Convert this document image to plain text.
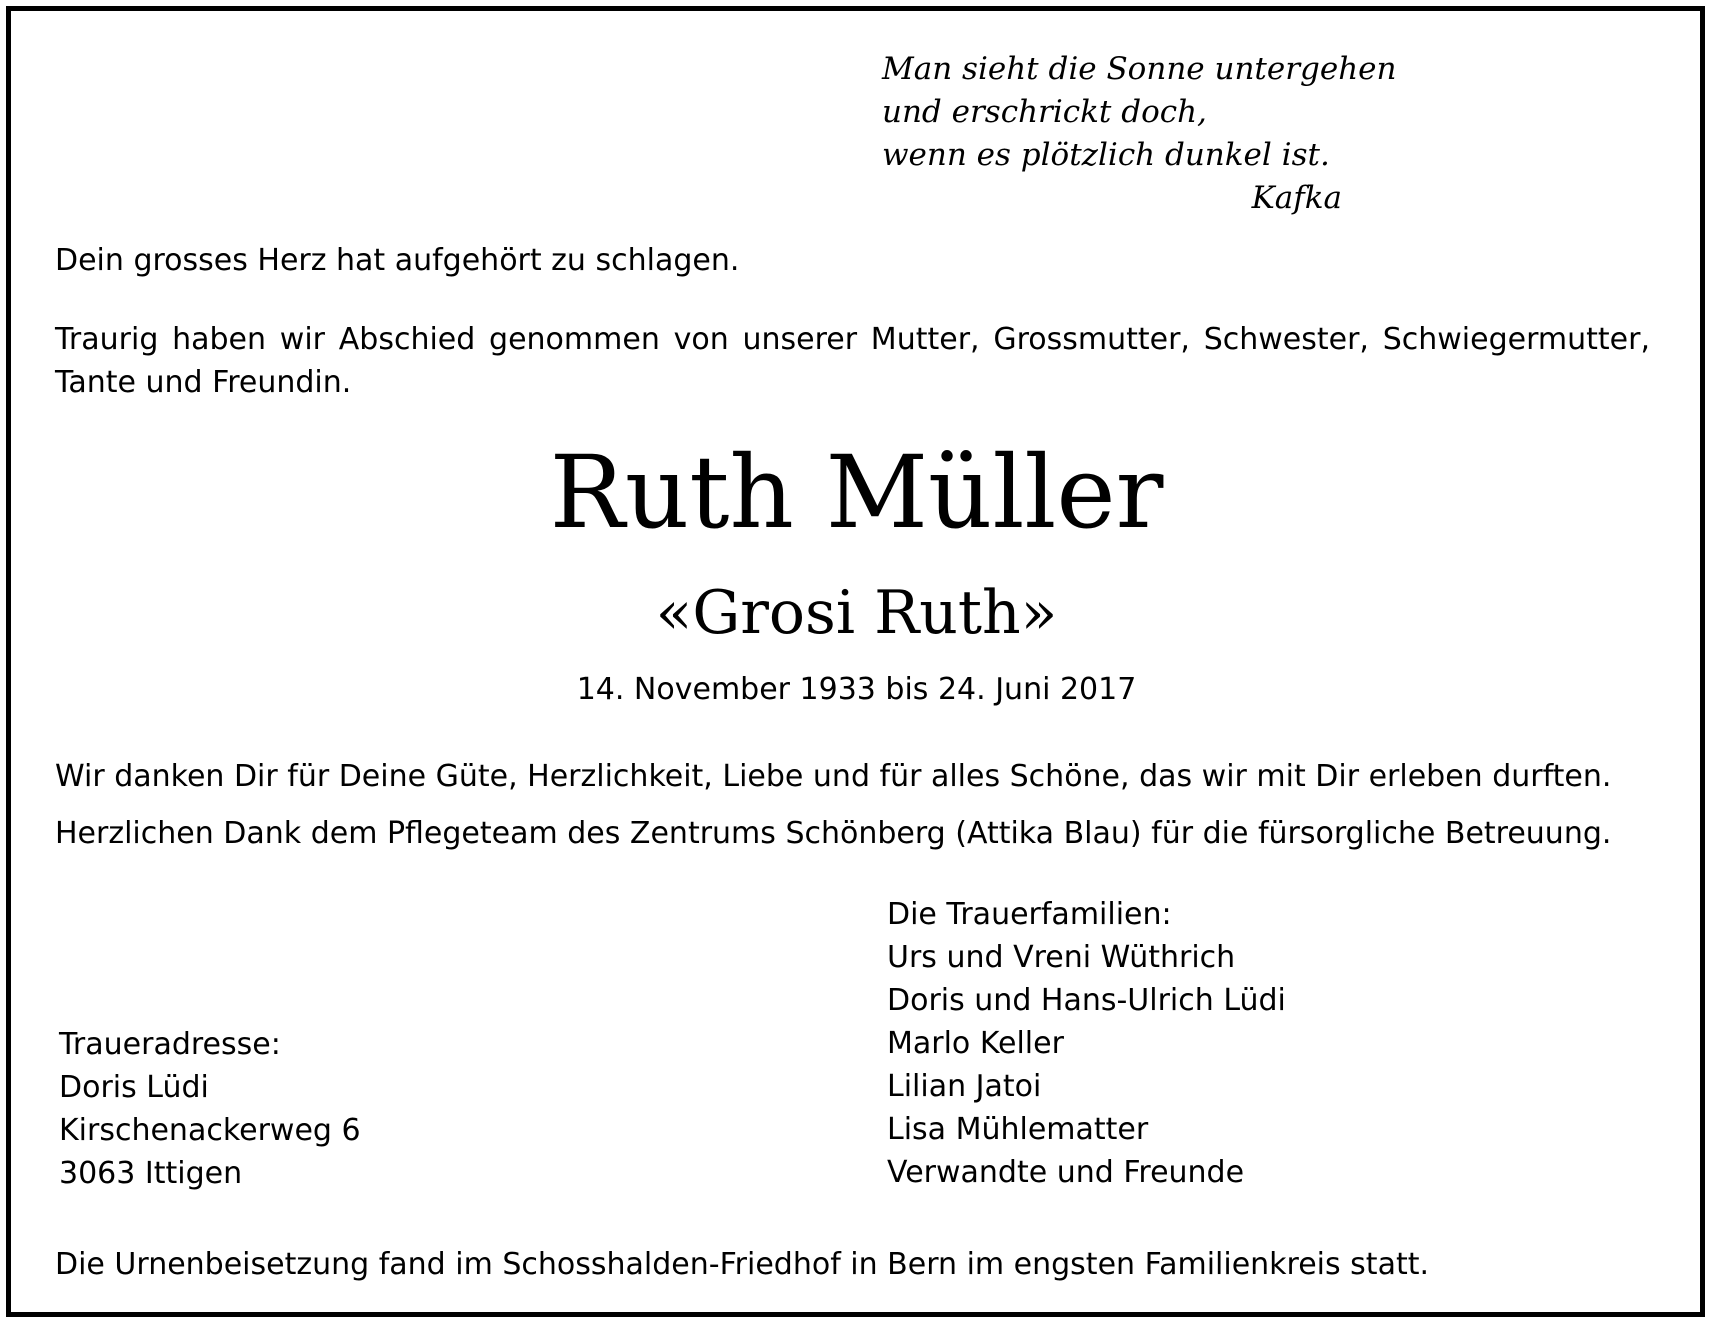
Man sieht die Sonne untergehen
und erschrickt doch,
wenn es plötzlich dunkel ist.
Kafka
Dein grosses Herz hat aufgehört zu schlagen.
Traurig haben wir Abschied genommen von unserer Mutter, Grossmutter, Schwester, Schwiegermutter, Tante und Freundin.
Ruth Müller
«Grosi Ruth»
14. November 1933 bis 24. Juni 2017
Wir danken Dir für Deine Güte, Herzlichkeit, Liebe und für alles Schöne, das wir mit Dir erleben durften.
Herzlichen Dank dem Pflegeteam des Zentrums Schönberg (Attika Blau) für die fürsorgliche Betreuung.
Die Trauerfamilien:
Urs und Vreni Wüthrich
Doris und Hans-Ulrich Lüdi
Marlo Keller
Lilian Jatoi
Lisa Mühlematter
Verwandte und Freunde
Traueradresse:
Doris Lüdi
Kirschenackerweg 6
3063 Ittigen
Die Urnenbeisetzung fand im Schosshalden-Friedhof in Bern im engsten Familienkreis statt.
